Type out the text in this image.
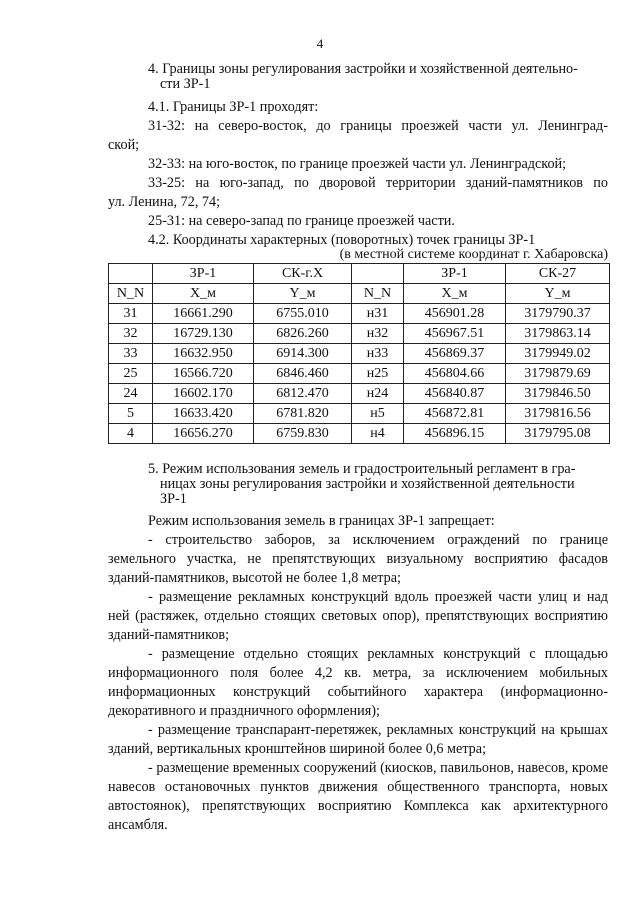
4
4. Границы зоны регулирования застройки и хозяйственной деятельно-
сти ЗР-1

4.1. Границы ЗР-1 проходят:

31-32: на северо-восток, до границы проезжей части ул. Ленинград-

ской;

32-33: на юго-восток, по границе проезжей части ул. Ленинградской;

33-25: на юго-запад, по дворовой территории зданий-памятников по

ул. Ленина, 72, 74;

25-31: на северо-запад по границе проезжей части.

4.2. Координаты характерных (поворотных) точек границы ЗР-1

(в местной системе координат г. Хабаровска)
	ЗР-1	СК-г.X		ЗР-1	СК-27
N_N	X_м	Y_м	N_N	X_м	Y_м
31	16661.290	6755.010	н31	456901.28	3179790.37
32	16729.130	6826.260	н32	456967.51	3179863.14
33	16632.950	6914.300	н33	456869.37	3179949.02
25	16566.720	6846.460	н25	456804.66	3179879.69
24	16602.170	6812.470	н24	456840.87	3179846.50
5	16633.420	6781.820	н5	456872.81	3179816.56
4	16656.270	6759.830	н4	456896.15	3179795.08
5. Режим использования земель и градостроительный регламент в гра-
ницах зоны регулирования застройки и хозяйственной деятельности
ЗР-1

Режим использования земель в границах ЗР-1 запрещает:

- строительство заборов, за исключением ограждений по границе земельного участка, не препятствующих визуальному восприятию фасадов зданий-памятников, высотой не более 1,8 метра;

- размещение рекламных конструкций вдоль проезжей части улиц и над ней (растяжек, отдельно стоящих световых опор), препятствующих восприятию зданий-памятников;

- размещение отдельно стоящих рекламных конструкций с площадью информационного поля более 4,2 кв. метра, за исключением мобильных информационных конструкций событийного характера (информационно-декоративного и праздничного оформления);

- размещение транспарант-перетяжек, рекламных конструкций на крышах зданий, вертикальных кронштейнов шириной более 0,6 метра;

- размещение временных сооружений (киосков, павильонов, навесов, кроме навесов остановочных пунктов движения общественного транспорта, новых автостоянок), препятствующих восприятию Комплекса как архитектурного ансамбля.
